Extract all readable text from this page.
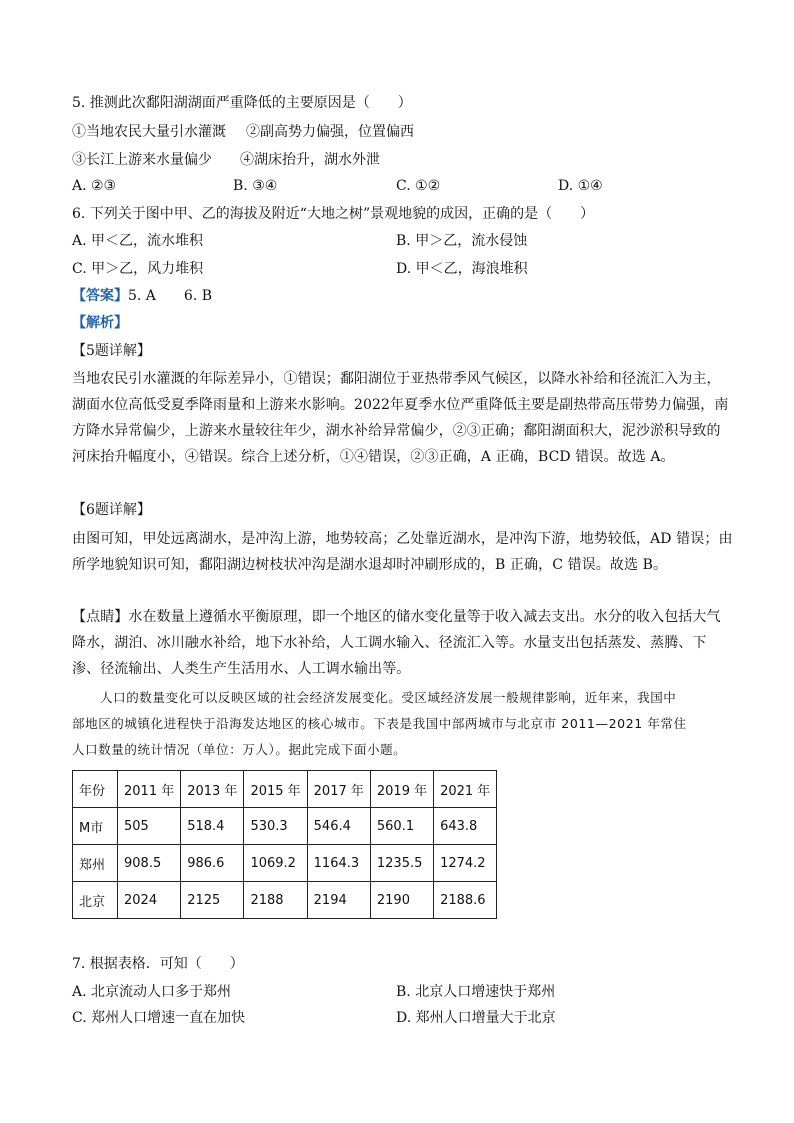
5. 推测此次鄱阳湖湖面严重降低的主要原因是（　　）
①当地农民大量引水灌溉 ②副高势力偏强，位置偏西
③长江上游来水量偏少 ④湖床抬升，湖水外泄
A. ②③	B. ③④	C. ①②	D. ①④
6. 下列关于图中甲、乙的海拔及附近“大地之树”景观地貌的成因，正确的是（　　）
A. 甲＜乙，流水堆积	B. 甲＞乙，流水侵蚀
C. 甲＞乙，风力堆积	D. 甲＜乙，海浪堆积
【答案】5. A　　6. B
【解析】
【5题详解】
当地农民引水灌溉的年际差异小，①错误；鄱阳湖位于亚热带季风气候区，以降水补给和径流汇入为主，
湖面水位高低受夏季降雨量和上游来水影响。2022年夏季水位严重降低主要是副热带高压带势力偏强，南
方降水异常偏少，上游来水量较往年少，湖水补给异常偏少，②③正确；鄱阳湖面积大，泥沙淤积导致的
河床抬升幅度小，④错误。综合上述分析，①④错误，②③正确，A 正确，BCD 错误。故选 A。
【6题详解】
由图可知，甲处远离湖水，是冲沟上游，地势较高；乙处靠近湖水，是冲沟下游，地势较低，AD 错误；由
所学地貌知识可知，鄱阳湖边树枝状冲沟是湖水退却时冲刷形成的，B 正确，C 错误。故选 B。
【点睛】水在数量上遵循水平衡原理，即一个地区的储水变化量等于收入减去支出。水分的收入包括大气
降水，湖泊、冰川融水补给，地下水补给，人工调水输入、径流汇入等。水量支出包括蒸发、蒸腾、下
渗、径流输出、人类生产生活用水、人工调水输出等。
人口的数量变化可以反映区域的社会经济发展变化。受区域经济发展一般规律影响，近年来，我国中
部地区的城镇化进程快于沿海发达地区的核心城市。下表是我国中部两城市与北京市 2011—2021 年常住
人口数量的统计情况（单位：万人）。据此完成下面小题。
年份	2011 年	2013 年	2015 年	2017 年	2019 年	2021 年
M市	505	518.4	530.3	546.4	560.1	643.8
郑州	908.5	986.6	1069.2	1164.3	1235.5	1274.2
北京	2024	2125	2188	2194	2190	2188.6
7. 根据表格．可知（　　）
A. 北京流动人口多于郑州	B. 北京人口增速快于郑州
C. 郑州人口增速一直在加快	D. 郑州人口增量大于北京
